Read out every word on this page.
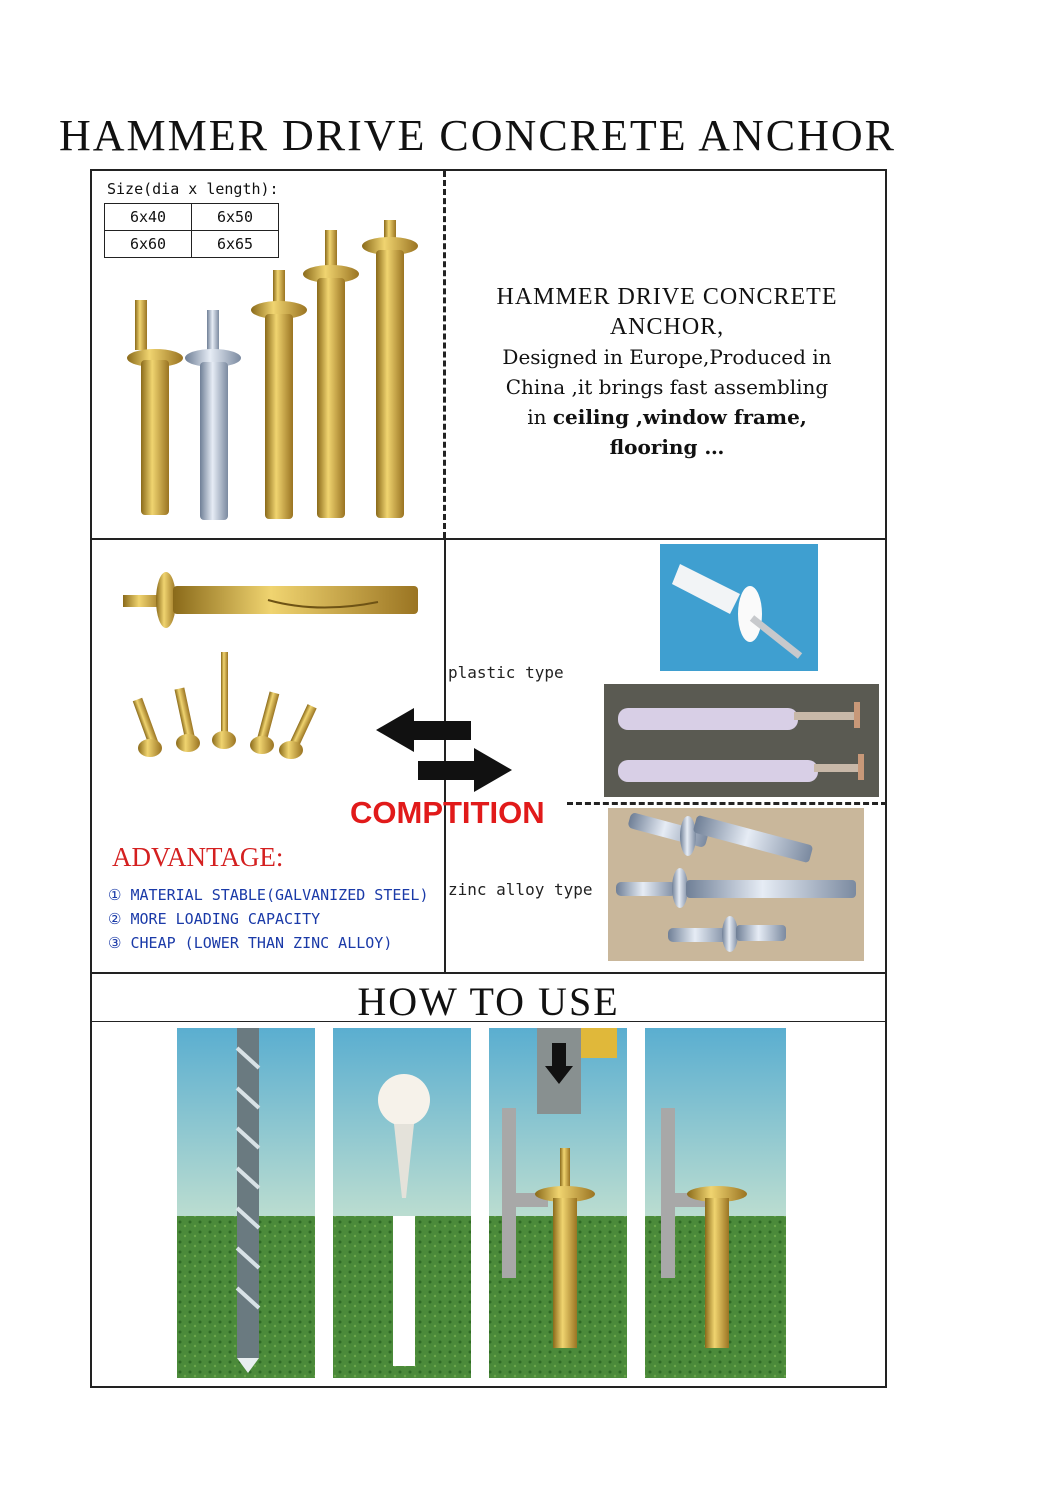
HAMMER DRIVE CONCRETE ANCHOR
Size(dia x length):
6x40	6x50
6x60	6x65
HAMMER DRIVE CONCRETE ANCHOR,
Designed in Europe,Produced in
China ,it brings fast assembling
in ceiling ,window frame,
flooring …
COMPTITION
ADVANTAGE:
① MATERIAL STABLE(GALVANIZED STEEL)
② MORE LOADING CAPACITY
③ CHEAP (LOWER THAN ZINC ALLOY)
plastic type
zinc alloy type
HOW TO USE
